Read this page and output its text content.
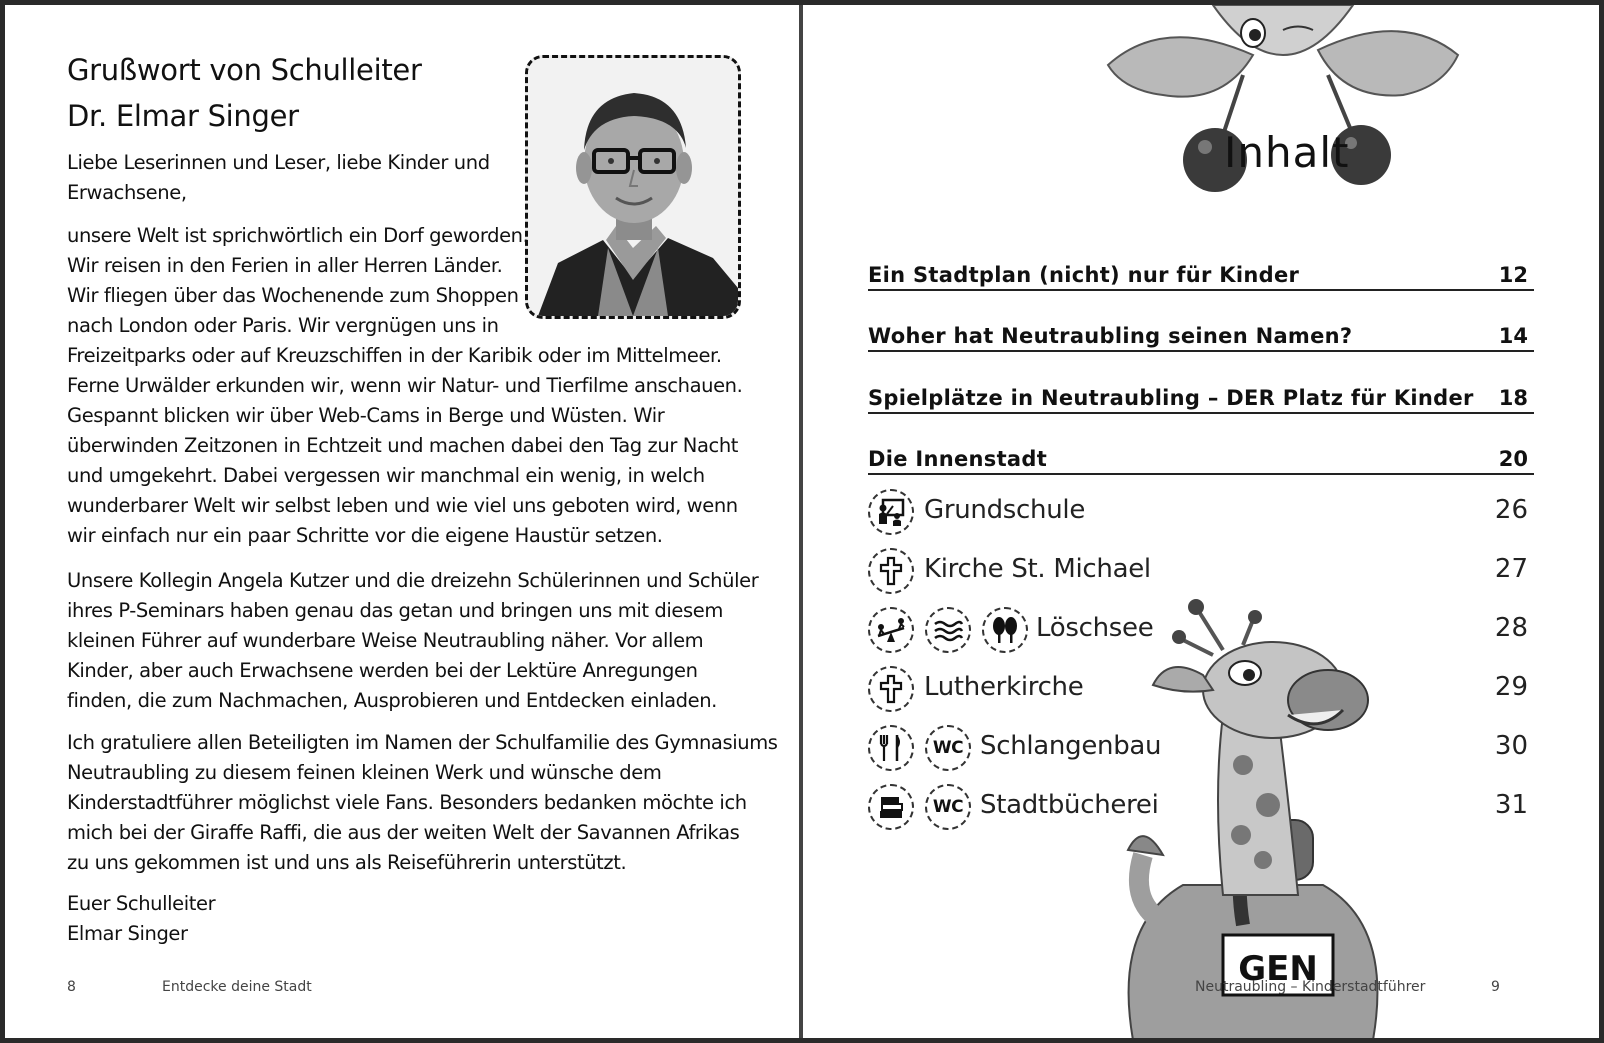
Grußwort von Schulleiter
Dr. Elmar Singer
Liebe Leserinnen und Leser, liebe Kinder und
Erwachsene,
unsere Welt ist sprichwörtlich ein Dorf geworden.
Wir reisen in den Ferien in aller Herren Länder.
Wir fliegen über das Wochenende zum Shoppen
nach London oder Paris. Wir vergnügen uns in
Freizeitparks oder auf Kreuzschiffen in der Karibik oder im Mittelmeer.
Ferne Urwälder erkunden wir, wenn wir Natur- und Tierfilme anschauen.
Gespannt blicken wir über Web-Cams in Berge und Wüsten. Wir
überwinden Zeitzonen in Echtzeit und machen dabei den Tag zur Nacht
und umgekehrt. Dabei vergessen wir manchmal ein wenig, in welch
wunderbarer Welt wir selbst leben und wie viel uns geboten wird, wenn
wir einfach nur ein paar Schritte vor die eigene Haustür setzen.
Unsere Kollegin Angela Kutzer und die dreizehn Schülerinnen und Schüler
ihres P-Seminars haben genau das getan und bringen uns mit diesem
kleinen Führer auf wunderbare Weise Neutraubling näher. Vor allem
Kinder, aber auch Erwachsene werden bei der Lektüre Anregungen
finden, die zum Nachmachen, Ausprobieren und Entdecken einladen.
Ich gratuliere allen Beteiligten im Namen der Schulfamilie des Gymnasiums
Neutraubling zu diesem feinen kleinen Werk und wünsche dem
Kinderstadtführer möglichst viele Fans. Besonders bedanken möchte ich
mich bei der Giraffe Raffi, die aus der weiten Welt der Savannen Afrikas
zu uns gekommen ist und uns als Reiseführerin unterstützt.
Euer Schulleiter
Elmar Singer
8	Entdecke deine Stadt
Inhalt
GEN
Ein Stadtplan (nicht) nur für Kinder	12
Woher hat Neutraubling seinen Namen?	14
Spielplätze in Neutraubling – DER Platz für Kinder 18
Die Innenstadt	20
Grundschule	26
Kirche St. Michael	27
Löschsee	28
Lutherkirche	29
WC Schlangenbau	30
WC Stadtbücherei	31
Neutraubling – Kinderstadtführer	9
